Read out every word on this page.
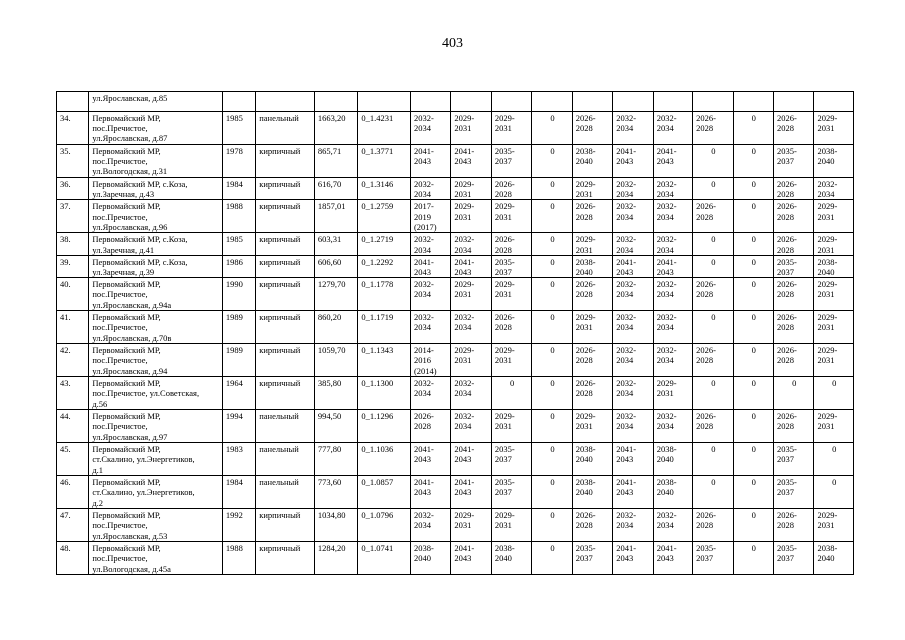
403
	ул.Ярославская, д.85															
34.	Первомайский МР,
пос.Пречистое,
ул.Ярославская, д.87	1985	панельный	1663,20	0_1.4231	2032-2034	2029-2031	2029-2031	0	2026-2028	2032-2034	2032-2034	2026-2028	0	2026-2028	2029-2031
35.	Первомайский МР,
пос.Пречистое,
ул.Вологодская, д.31	1978	кирпичный	865,71	0_1.3771	2041-2043	2041-2043	2035-2037	0	2038-2040	2041-2043	2041-2043	0	0	2035-2037	2038-2040
36.	Первомайский МР, с.Коза,
ул.Заречная, д.43	1984	кирпичный	616,70	0_1.3146	2032-2034	2029-2031	2026-2028	0	2029-2031	2032-2034	2032-2034	0	0	2026-2028	2032-2034
37.	Первомайский МР,
пос.Пречистое,
ул.Ярославская, д.96	1988	кирпичный	1857,01	0_1.2759	2017-2019 (2017)	2029-2031	2029-2031	0	2026-2028	2032-2034	2032-2034	2026-2028	0	2026-2028	2029-2031
38.	Первомайский МР, с.Коза,
ул.Заречная, д.41	1985	кирпичный	603,31	0_1.2719	2032-2034	2032-2034	2026-2028	0	2029-2031	2032-2034	2032-2034	0	0	2026-2028	2029-2031
39.	Первомайский МР, с.Коза,
ул.Заречная, д.39	1986	кирпичный	606,60	0_1.2292	2041-2043	2041-2043	2035-2037	0	2038-2040	2041-2043	2041-2043	0	0	2035-2037	2038-2040
40.	Первомайский МР,
пос.Пречистое,
ул.Ярославская, д.94а	1990	кирпичный	1279,70	0_1.1778	2032-2034	2029-2031	2029-2031	0	2026-2028	2032-2034	2032-2034	2026-2028	0	2026-2028	2029-2031
41.	Первомайский МР,
пос.Пречистое,
ул.Ярославская, д.70в	1989	кирпичный	860,20	0_1.1719	2032-2034	2032-2034	2026-2028	0	2029-2031	2032-2034	2032-2034	0	0	2026-2028	2029-2031
42.	Первомайский МР,
пос.Пречистое,
ул.Ярославская, д.94	1989	кирпичный	1059,70	0_1.1343	2014-2016 (2014)	2029-2031	2029-2031	0	2026-2028	2032-2034	2032-2034	2026-2028	0	2026-2028	2029-2031
43.	Первомайский МР,
пос.Пречистое, ул.Советская,
д.56	1964	кирпичный	385,80	0_1.1300	2032-2034	2032-2034	0	0	2026-2028	2032-2034	2029-2031	0	0	0	0
44.	Первомайский МР,
пос.Пречистое,
ул.Ярославская, д.97	1994	панельный	994,50	0_1.1296	2026-2028	2032-2034	2029-2031	0	2029-2031	2032-2034	2032-2034	2026-2028	0	2026-2028	2029-2031
45.	Первомайский МР,
ст.Скалино, ул.Энергетиков,
д.1	1983	панельный	777,80	0_1.1036	2041-2043	2041-2043	2035-2037	0	2038-2040	2041-2043	2038-2040	0	0	2035-2037	0
46.	Первомайский МР,
ст.Скалино, ул.Энергетиков,
д.2	1984	панельный	773,60	0_1.0857	2041-2043	2041-2043	2035-2037	0	2038-2040	2041-2043	2038-2040	0	0	2035-2037	0
47.	Первомайский МР,
пос.Пречистое,
ул.Ярославская, д.53	1992	кирпичный	1034,80	0_1.0796	2032-2034	2029-2031	2029-2031	0	2026-2028	2032-2034	2032-2034	2026-2028	0	2026-2028	2029-2031
48.	Первомайский МР,
пос.Пречистое,
ул.Вологодская, д.45а	1988	кирпичный	1284,20	0_1.0741	2038-2040	2041-2043	2038-2040	0	2035-2037	2041-2043	2041-2043	2035-2037	0	2035-2037	2038-2040
